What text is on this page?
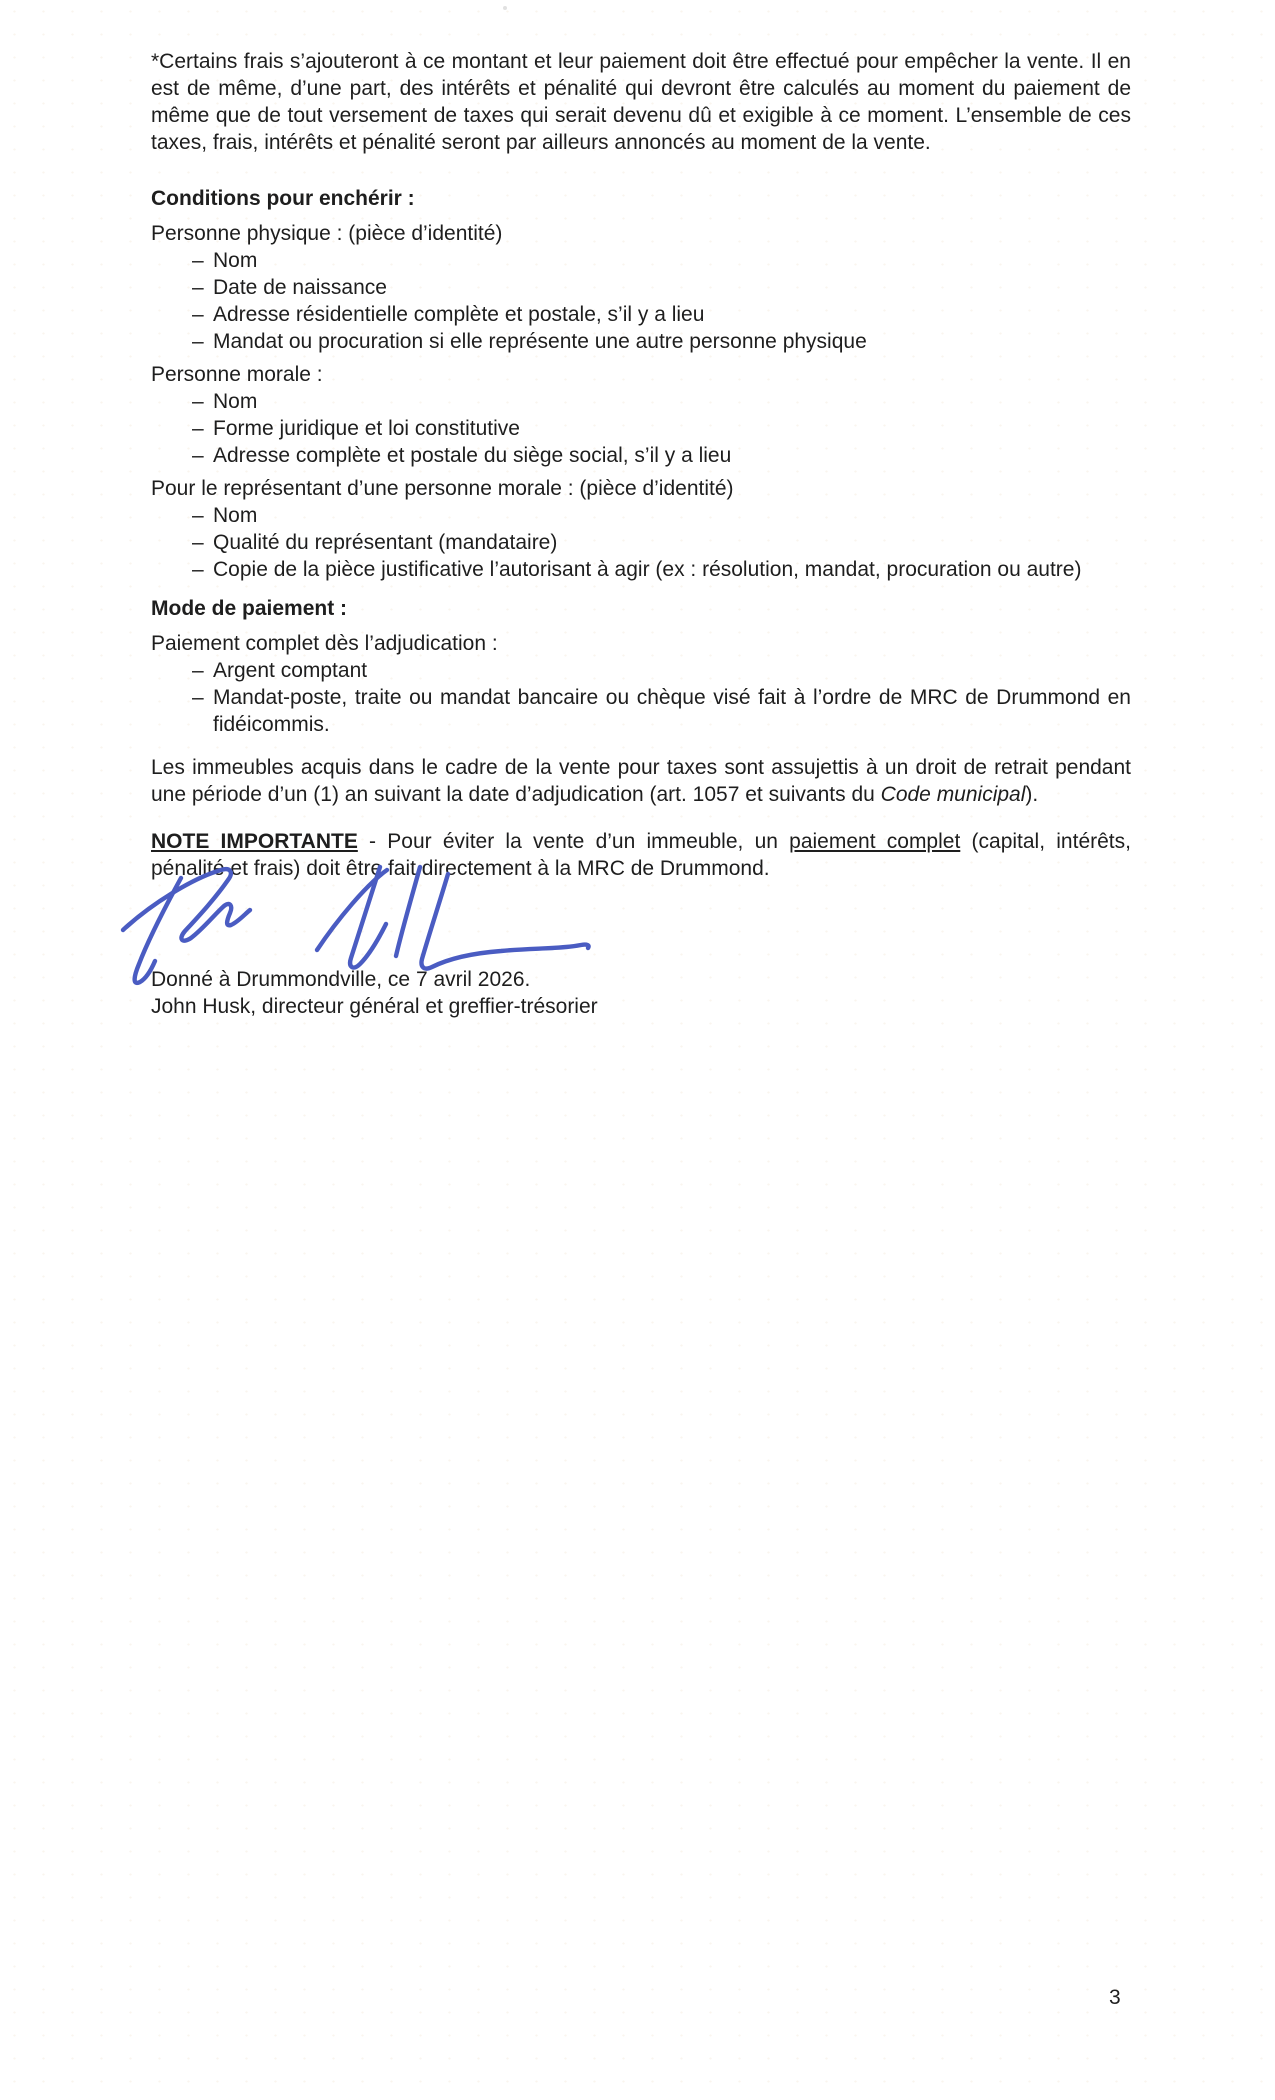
*Certains frais s’ajouteront à ce montant et leur paiement doit être effectué pour empêcher la vente. Il en est de même, d’une part, des intérêts et pénalité qui devront être calculés au moment du paiement de même que de tout versement de taxes qui serait devenu dû et exigible à ce moment. L’ensemble de ces taxes, frais, intérêts et pénalité seront par ailleurs annoncés au moment de la vente.

Conditions pour enchérir :

Personne physique : (pièce d’identité)

– Nom
– Date de naissance
– Adresse résidentielle complète et postale, s’il y a lieu
– Mandat ou procuration si elle représente une autre personne physique

Personne morale :

– Nom
– Forme juridique et loi constitutive
– Adresse complète et postale du siège social, s’il y a lieu

Pour le représentant d’une personne morale : (pièce d’identité)

– Nom
– Qualité du représentant (mandataire)
– Copie de la pièce justificative l’autorisant à agir (ex : résolution, mandat, procuration ou autre)

Mode de paiement :

Paiement complet dès l’adjudication :

– Argent comptant
– Mandat-poste, traite ou mandat bancaire ou chèque visé fait à l’ordre de MRC de Drummond en fidéicommis.

Les immeubles acquis dans le cadre de la vente pour taxes sont assujettis à un droit de retrait pendant une période d’un (1) an suivant la date d’adjudication (art. 1057 et suivants du Code municipal).

NOTE IMPORTANTE - Pour éviter la vente d’un immeuble, un paiement complet (capital, intérêts, pénalité et frais) doit être fait directement à la MRC de Drummond.

Donné à Drummondville, ce 7 avril 2026.

John Husk, directeur général et greffier-trésorier

3
